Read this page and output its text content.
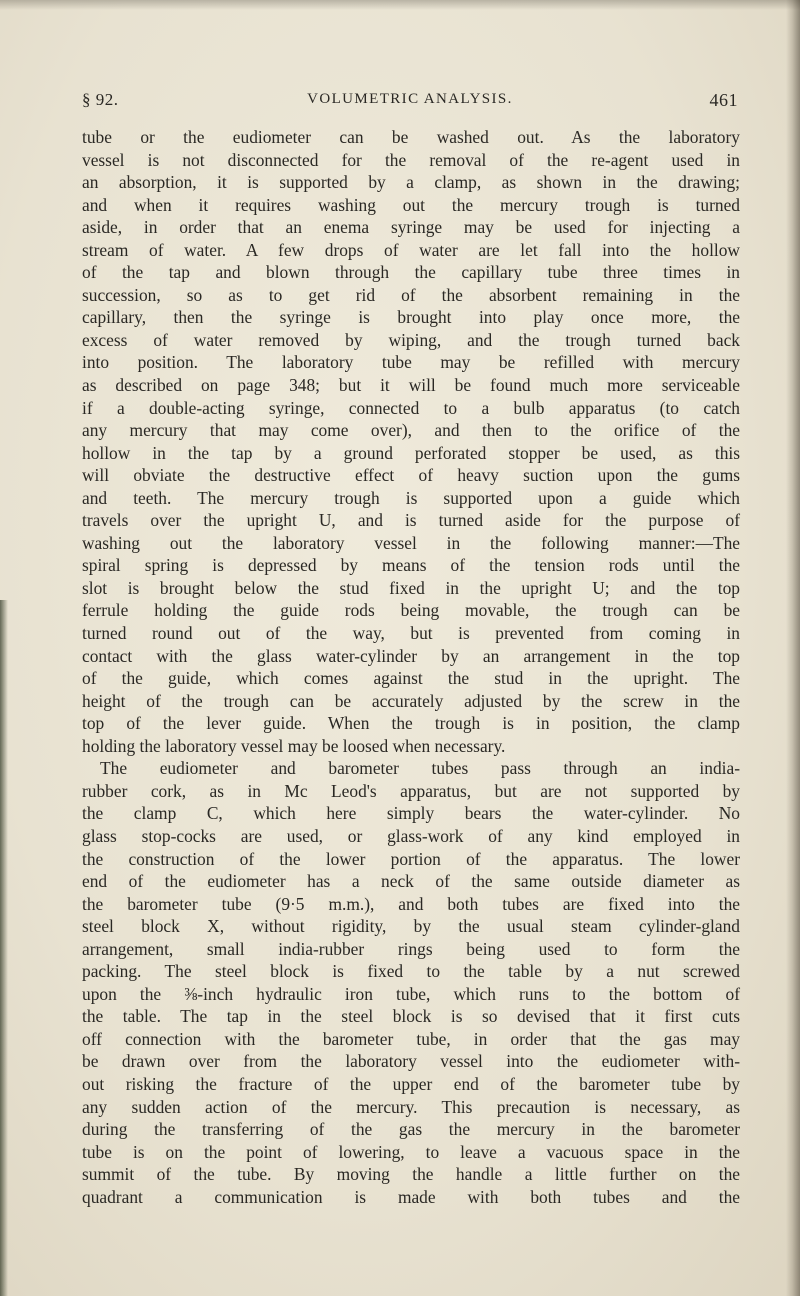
§ 92.	VOLUMETRIC ANALYSIS.	461
tube or the eudiometer can be washed out. As the laboratory
vessel is not disconnected for the removal of the re-agent used in
an absorption, it is supported by a clamp, as shown in the drawing;
and when it requires washing out the mercury trough is turned
aside, in order that an enema syringe may be used for injecting a
stream of water. A few drops of water are let fall into the hollow
of the tap and blown through the capillary tube three times in
succession, so as to get rid of the absorbent remaining in the
capillary, then the syringe is brought into play once more, the
excess of water removed by wiping, and the trough turned back
into position. The laboratory tube may be refilled with mercury
as described on page 348; but it will be found much more serviceable
if a double-acting syringe, connected to a bulb apparatus (to catch
any mercury that may come over), and then to the orifice of the
hollow in the tap by a ground perforated stopper be used, as this
will obviate the destructive effect of heavy suction upon the gums
and teeth. The mercury trough is supported upon a guide which
travels over the upright U, and is turned aside for the purpose of
washing out the laboratory vessel in the following manner:—The
spiral spring is depressed by means of the tension rods until the
slot is brought below the stud fixed in the upright U; and the top
ferrule holding the guide rods being movable, the trough can be
turned round out of the way, but is prevented from coming in
contact with the glass water-cylinder by an arrangement in the top
of the guide, which comes against the stud in the upright. The
height of the trough can be accurately adjusted by the screw in the
top of the lever guide. When the trough is in position, the clamp
holding the laboratory vessel may be loosed when necessary.
The eudiometer and barometer tubes pass through an india-
rubber cork, as in Mc Leod's apparatus, but are not supported by
the clamp C, which here simply bears the water-cylinder. No
glass stop-cocks are used, or glass-work of any kind employed in
the construction of the lower portion of the apparatus. The lower
end of the eudiometer has a neck of the same outside diameter as
the barometer tube (9·5 m.m.), and both tubes are fixed into the
steel block X, without rigidity, by the usual steam cylinder-gland
arrangement, small india-rubber rings being used to form the
packing. The steel block is fixed to the table by a nut screwed
upon the ⅜-inch hydraulic iron tube, which runs to the bottom of
the table. The tap in the steel block is so devised that it first cuts
off connection with the barometer tube, in order that the gas may
be drawn over from the laboratory vessel into the eudiometer with-
out risking the fracture of the upper end of the barometer tube by
any sudden action of the mercury. This precaution is necessary, as
during the transferring of the gas the mercury in the barometer
tube is on the point of lowering, to leave a vacuous space in the
summit of the tube. By moving the handle a little further on the
quadrant a communication is made with both tubes and the
